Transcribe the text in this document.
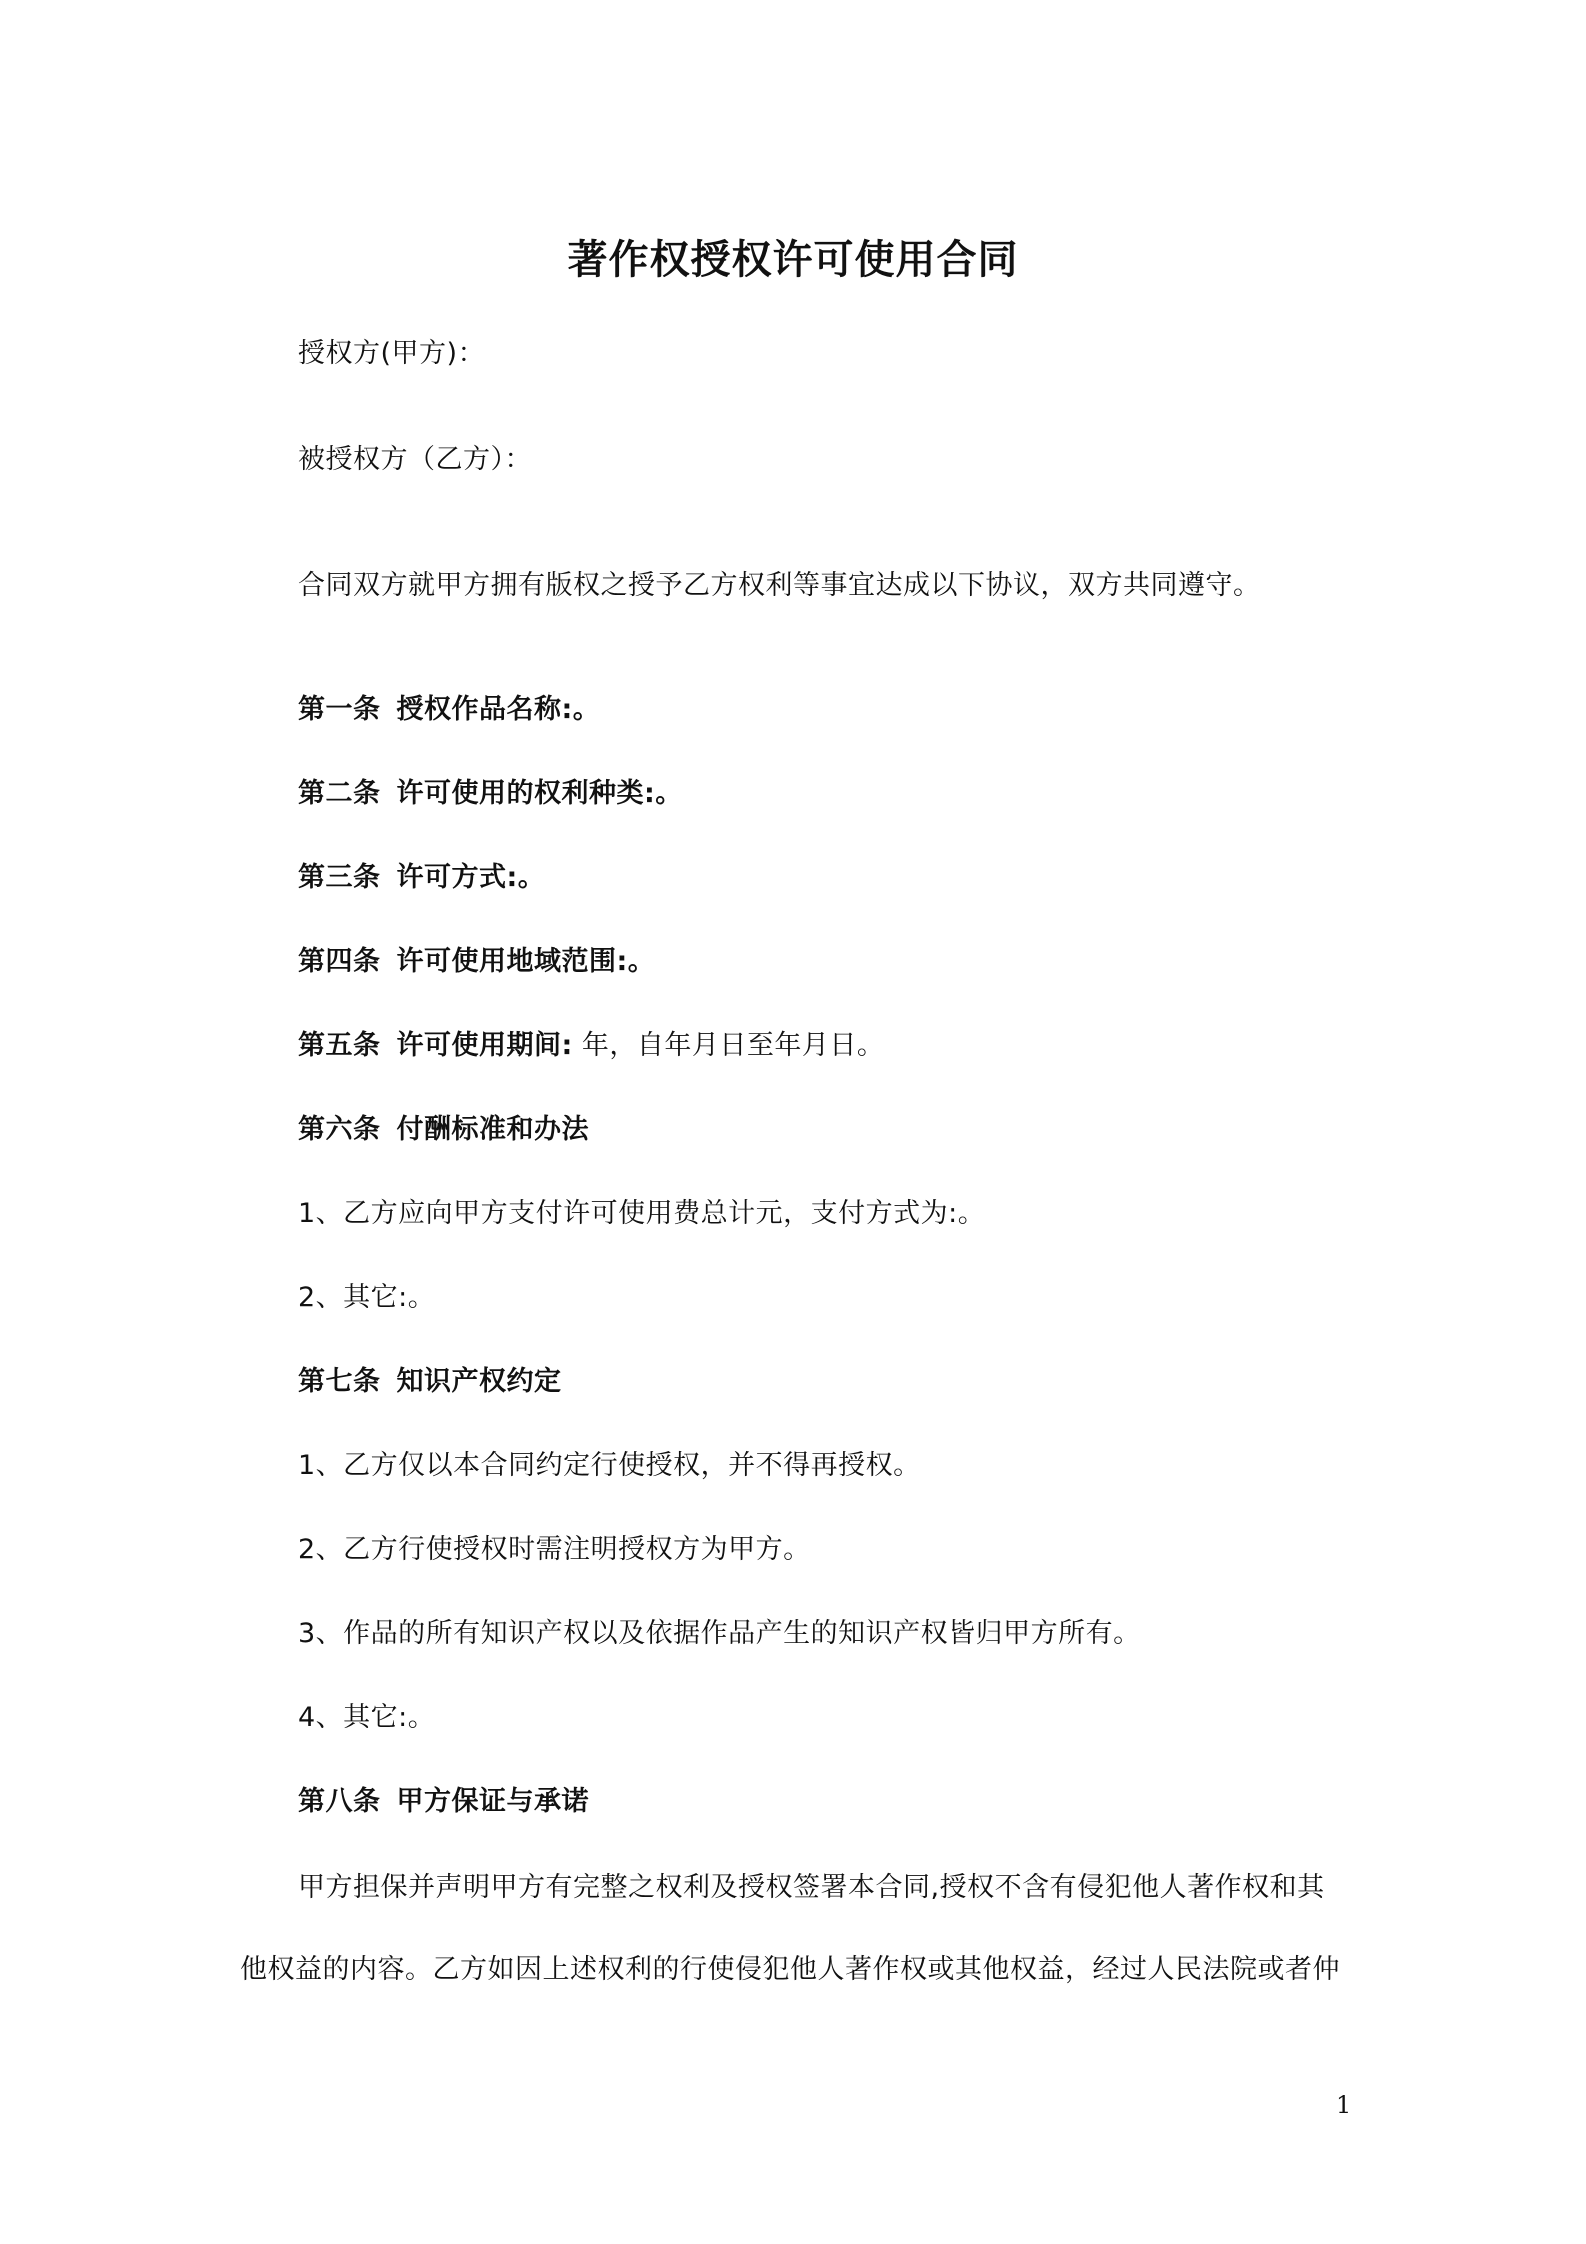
著作权授权许可使用合同
授权方(甲方)：
被授权方（乙方）：
合同双方就甲方拥有版权之授予乙方权利等事宜达成以下协议，双方共同遵守。
第一条 授权作品名称:。
第二条 许可使用的权利种类:。
第三条 许可方式:。
第四条 许可使用地域范围:。
第五条 许可使用期间: 年，自年月日至年月日。
第六条 付酬标准和办法
1、乙方应向甲方支付许可使用费总计元，支付方式为:。
2、其它:。
第七条 知识产权约定
1、乙方仅以本合同约定行使授权，并不得再授权。
2、乙方行使授权时需注明授权方为甲方。
3、作品的所有知识产权以及依据作品产生的知识产权皆归甲方所有。
4、其它:。
第八条 甲方保证与承诺
甲方担保并声明甲方有完整之权利及授权签署本合同,授权不含有侵犯他人著作权和其
他权益的内容。乙方如因上述权利的行使侵犯他人著作权或其他权益，经过人民法院或者仲
1
